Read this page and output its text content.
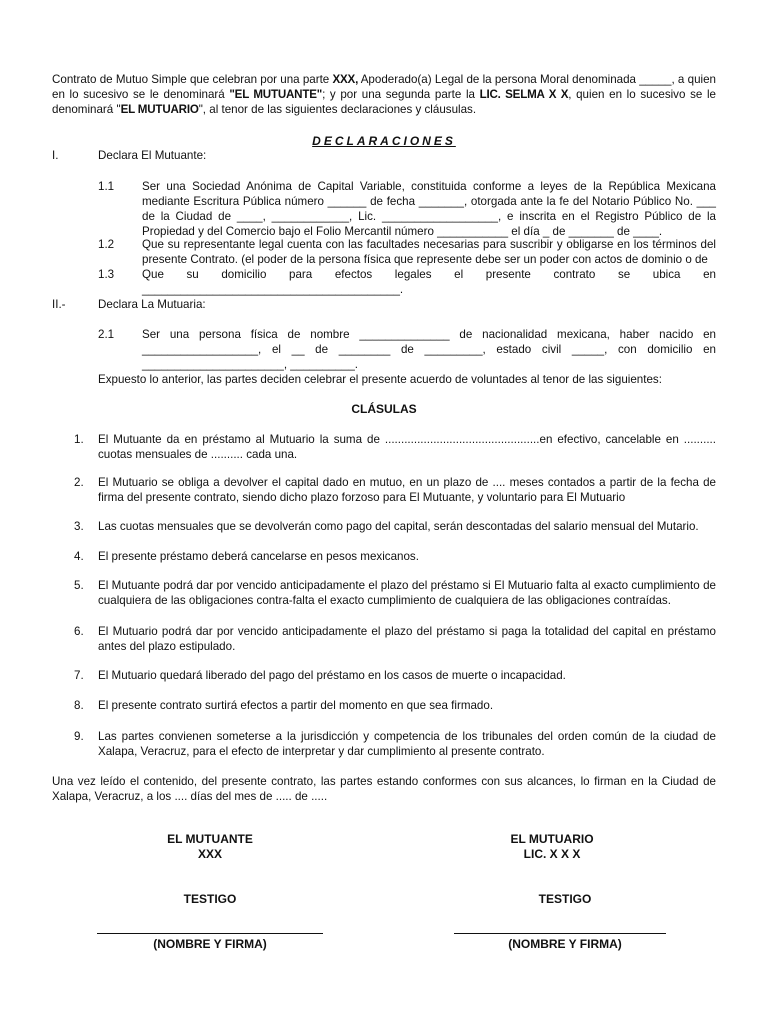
Contrato de Mutuo Simple que celebran por una parte XXX, Apoderado(a) Legal de la persona Moral denominada _____, a quien en lo sucesivo se le denominará "EL MUTUANTE"; y por una segunda parte la LIC. SELMA X X, quien en lo sucesivo se le denominará "EL MUTUARIO", al tenor de las siguientes declaraciones y cláusulas.

DECLARACIONES
I.	Declara El Mutuante:
1.1 Ser una Sociedad Anónima de Capital Variable, constituida conforme a leyes de la República Mexicana mediante Escritura Pública número ______ de fecha _______, otorgada ante la fe del Notario Público No. ___ de la Ciudad de ____, ____________, Lic. __________________, e inscrita en el Registro Público de la Propiedad y del Comercio bajo el Folio Mercantil número ___________ el día _ de _______ de ____.

1.2 Que su representante legal cuenta con las facultades necesarias para suscribir y obligarse en los términos del presente Contrato. (el poder de la persona física que represente debe ser un poder con actos de dominio o de

1.3 Que su domicilio para efectos legales el presente contrato se ubica en ________________________________________.

II.-	Declara La Mutuaria:
2.1 Ser una persona física de nombre ______________ de nacionalidad mexicana, haber nacido en __________________, el __ de ________ de _________, estado civil _____, con domicilio en ______________________, __________.

Expuesto lo anterior, las partes deciden celebrar el presente acuerdo de voluntades al tenor de las siguientes:

CLÁSULAS
1. El Mutuante da en préstamo al Mutuario la suma de ................................................en efectivo, cancelable en .......... cuotas mensuales de .......... cada una.

2. El Mutuario se obliga a devolver el capital dado en mutuo, en un plazo de .... meses contados a partir de la fecha de firma del presente contrato, siendo dicho plazo forzoso para El Mutuante, y voluntario para El Mutuario

3. Las cuotas mensuales que se devolverán como pago del capital, serán descontadas del salario mensual del Mutario.

4. El presente préstamo deberá cancelarse en pesos mexicanos.

5. El Mutuante podrá dar por vencido anticipadamente el plazo del préstamo si El Mutuario falta al exacto cumplimiento de cualquiera de las obligaciones contra-falta el exacto cumplimiento de cualquiera de las obligaciones contraídas.

6. El Mutuario podrá dar por vencido anticipadamente el plazo del préstamo si paga la totalidad del capital en préstamo antes del plazo estipulado.

7. El Mutuario quedará liberado del pago del préstamo en los casos de muerte o incapacidad.

8. El presente contrato surtirá efectos a partir del momento en que sea firmado.

9. Las partes convienen someterse a la jurisdicción y competencia de los tribunales del orden común de la ciudad de Xalapa, Veracruz, para el efecto de interpretar y dar cumplimiento al presente contrato.

Una vez leído el contenido, del presente contrato, las partes estando conformes con sus alcances, lo firman en la Ciudad de Xalapa, Veracruz, a los .... días del mes de ..... de .....

EL MUTUANTE
XXX
EL MUTUARIO
LIC. X X X
TESTIGO	TESTIGO
(NOMBRE Y FIRMA)	(NOMBRE Y FIRMA)
